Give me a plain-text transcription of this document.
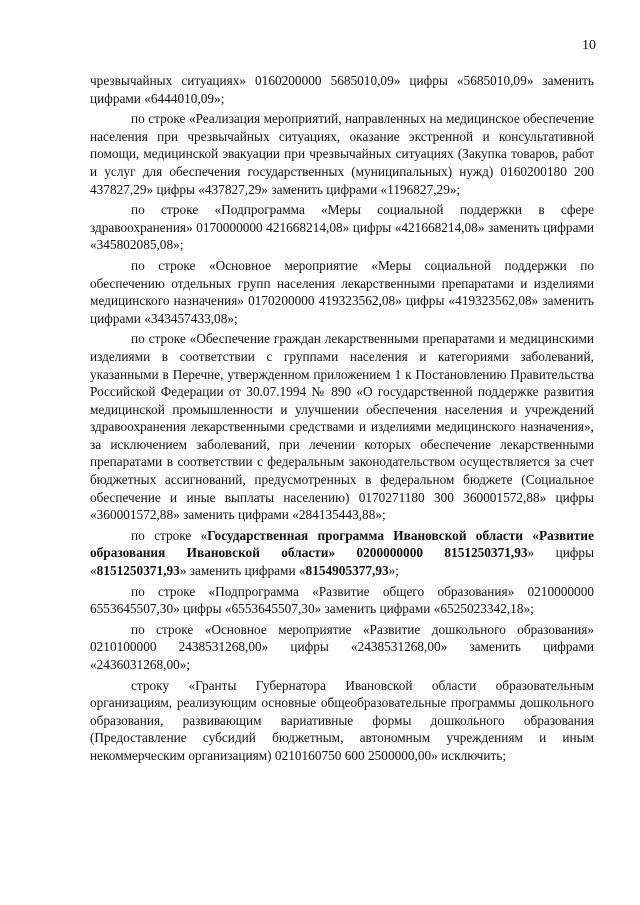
10

чрезвычайных ситуациях» 0160200000 5685010,09» цифры «5685010,09» заменить цифрами «6444010,09»;

по строке «Реализация мероприятий, направленных на медицинское обеспечение населения при чрезвычайных ситуациях, оказание экстренной и консультативной помощи, медицинской эвакуации при чрезвычайных ситуациях (Закупка товаров, работ и услуг для обеспечения государственных (муниципальных) нужд) 0160200180 200 437827,29» цифры «437827,29» заменить цифрами «1196827,29»;

по строке «Подпрограмма «Меры социальной поддержки в сфере здравоохранения» 0170000000 421668214,08» цифры «421668214,08» заменить цифрами «345802085,08»;

по строке «Основное мероприятие «Меры социальной поддержки по обеспечению отдельных групп населения лекарственными препаратами и изделиями медицинского назначения» 0170200000 419323562,08» цифры «419323562,08» заменить цифрами «343457433,08»;

по строке «Обеспечение граждан лекарственными препаратами и медицинскими изделиями в соответствии с группами населения и категориями заболеваний, указанными в Перечне, утвержденном приложением 1 к Постановлению Правительства Российской Федерации от 30.07.1994 № 890 «О государственной поддержке развития медицинской промышленности и улучшении обеспечения населения и учреждений здравоохранения лекарственными средствами и изделиями медицинского назначения», за исключением заболеваний, при лечении которых обеспечение лекарственными препаратами в соответствии с федеральным законодательством осуществляется за счет бюджетных ассигнований, предусмотренных в федеральном бюджете (Социальное обеспечение и иные выплаты населению) 0170271180 300 360001572,88» цифры «360001572,88» заменить цифрами «284135443,88»;

по строке «Государственная программа Ивановской области «Развитие образования Ивановской области» 0200000000 8151250371,93» цифры «8151250371,93» заменить цифрами «8154905377,93»;

по строке «Подпрограмма «Развитие общего образования» 0210000000 6553645507,30» цифры «6553645507,30» заменить цифрами «6525023342,18»;

по строке «Основное мероприятие «Развитие дошкольного образования» 0210100000 2438531268,00» цифры «2438531268,00» заменить цифрами «2436031268,00»;

строку «Гранты Губернатора Ивановской области образовательным организациям, реализующим основные общеобразовательные программы дошкольного образования, развивающим вариативные формы дошкольного образования (Предоставление субсидий бюджетным, автономным учреждениям и иным некоммерческим организациям) 0210160750 600 2500000,00» исключить;
